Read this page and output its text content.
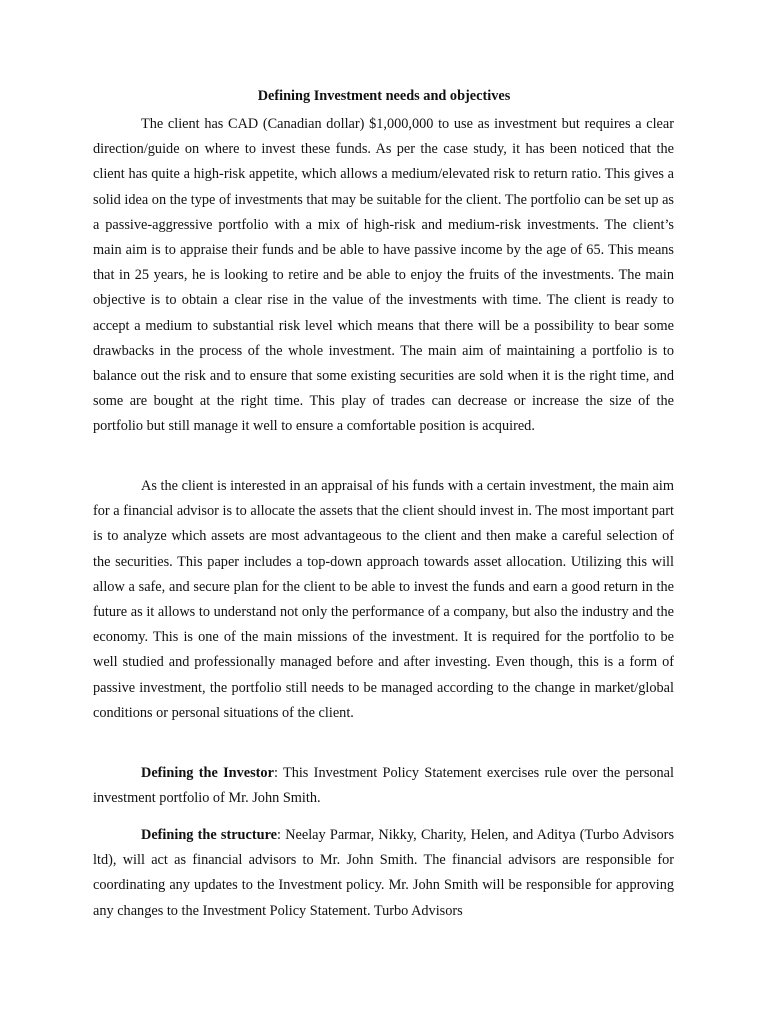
Defining Investment needs and objectives

The client has CAD (Canadian dollar) $1,000,000 to use as investment but requires a clear direction/guide on where to invest these funds. As per the case study, it has been noticed that the client has quite a high-risk appetite, which allows a medium/elevated risk to return ratio. This gives a solid idea on the type of investments that may be suitable for the client. The portfolio can be set up as a passive-aggressive portfolio with a mix of high-risk and medium-risk investments. The client’s main aim is to appraise their funds and be able to have passive income by the age of 65. This means that in 25 years, he is looking to retire and be able to enjoy the fruits of the investments. The main objective is to obtain a clear rise in the value of the investments with time. The client is ready to accept a medium to substantial risk level which means that there will be a possibility to bear some drawbacks in the process of the whole investment. The main aim of maintaining a portfolio is to balance out the risk and to ensure that some existing securities are sold when it is the right time, and some are bought at the right time. This play of trades can decrease or increase the size of the portfolio but still manage it well to ensure a comfortable position is acquired.

As the client is interested in an appraisal of his funds with a certain investment, the main aim for a financial advisor is to allocate the assets that the client should invest in. The most important part is to analyze which assets are most advantageous to the client and then make a careful selection of the securities. This paper includes a top-down approach towards asset allocation. Utilizing this will allow a safe, and secure plan for the client to be able to invest the funds and earn a good return in the future as it allows to understand not only the performance of a company, but also the industry and the economy. This is one of the main missions of the investment. It is required for the portfolio to be well studied and professionally managed before and after investing. Even though, this is a form of passive investment, the portfolio still needs to be managed according to the change in market/global conditions or personal situations of the client.

Defining the Investor: This Investment Policy Statement exercises rule over the personal investment portfolio of Mr. John Smith.

Defining the structure: Neelay Parmar, Nikky, Charity, Helen, and Aditya (Turbo Advisors ltd), will act as financial advisors to Mr. John Smith. The financial advisors are responsible for coordinating any updates to the Investment policy. Mr. John Smith will be responsible for approving any changes to the Investment Policy Statement. Turbo Advisors
